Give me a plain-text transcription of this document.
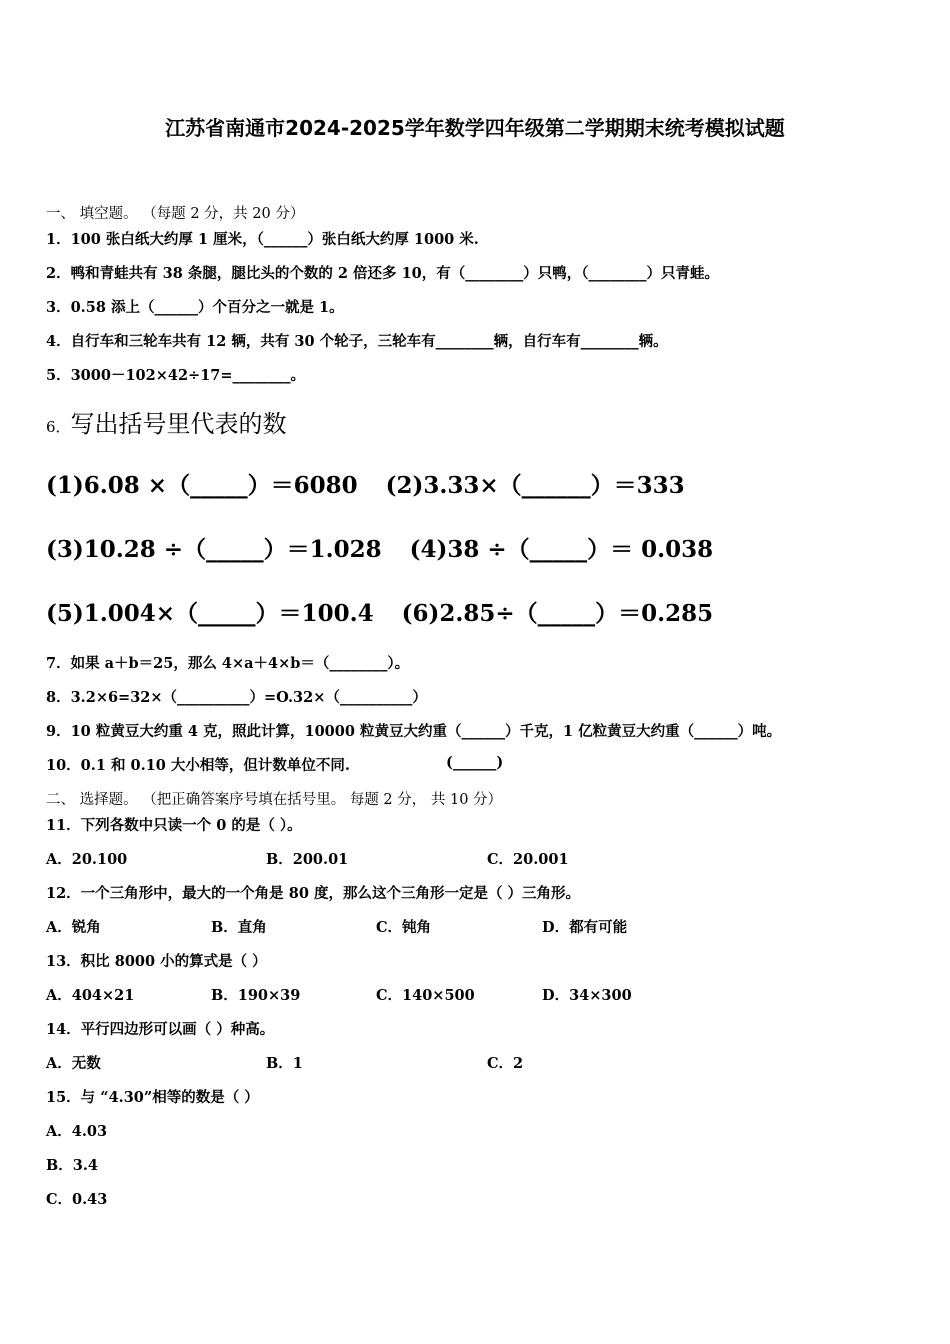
江苏省南通市2024-2025学年数学四年级第二学期期末统考模拟试题
一、 填空题。 （每题 2 分，共 20 分）
1．100 张白纸大约厚 1 厘米，（______）张白纸大约厚 1000 米.
2．鸭和青蛙共有 38 条腿，腿比头的个数的 2 倍还多 10，有（________）只鸭，（________）只青蛙。
3．0.58 添上（______）个百分之一就是 1。
4．自行车和三轮车共有 12 辆，共有 30 个轮子，三轮车有________辆，自行车有________辆。
5．3000－102×42÷17=________。
6．写出括号里代表的数
(1)6.08 ×（_____）＝6080 (2)3.33×（______）＝333
(3)10.28 ÷（_____）＝1.028 (4)38 ÷（_____）＝ 0.038
(5)1.004×（_____）＝100.4 (6)2.85÷（_____）＝0.285
7．如果 a＋b＝25，那么 4×a＋4×b＝（________）。
8．3.2×6=32×（__________）=O.32×（__________）
9．10 粒黄豆大约重 4 克，照此计算，10000 粒黄豆大约重（______）千克，1 亿粒黄豆大约重（______）吨。
10．0.1 和 0.10 大小相等，但计数单位不同.	(______)
二、 选择题。 （把正确答案序号填在括号里。 每题 2 分， 共 10 分）
11．下列各数中只读一个 0 的是（ ）。
A．20.100	B．200.01	C．20.001
12．一个三角形中，最大的一个角是 80 度，那么这个三角形一定是（ ）三角形。
A．锐角	B．直角	C．钝角	D．都有可能
13．积比 8000 小的算式是（ ）
A．404×21	B．190×39	C．140×500	D．34×300
14．平行四边形可以画（ ）种高。
A．无数	B．1	C．2
15．与 “4.30”相等的数是（ ）
A．4.03
B．3.4
C．0.43
